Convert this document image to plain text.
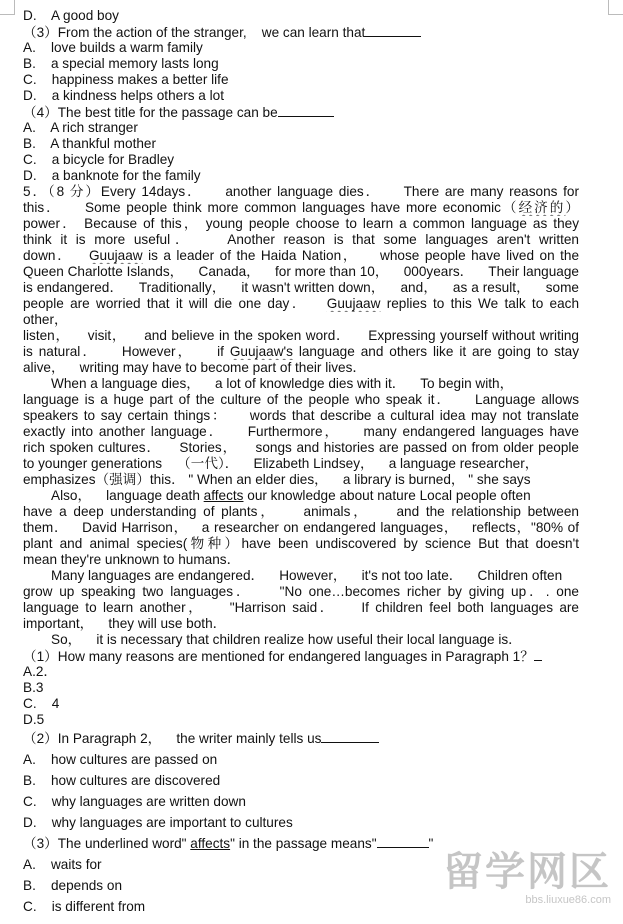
D.    A good boy
（3）From the action of the stranger,    we can learn that
A.    love builds a warm family
B.    a special memory lasts long
C.    happiness makes a better life
D.    a kindness helps others a lot
（4）The best title for the passage can be
A.    A rich stranger
B.    A thankful mother
C.    a bicycle for Bradley
D.    a banknote for the family
5．（8 分）Every 14days．    another language dies．    There are many reasons for
this．    Some people think more common languages have more economic（经济的）
power． Because of this， young people choose to learn a common language as they
think it is more useful．    Another reason is that some languages aren't written
down．   Guujaaw is a leader of the Haida Nation，    whose people have lived on the
Queen Charlotte Islands，    Canada，    for more than 10，    000years．    Their language
is endangered．    Traditionally，    it wasn't written down，    and，    as a result，    some
people are worried that it will die one day．   Guujaaw replies to this We talk to each
other，
listen，    visit，    and believe in the spoken word．    Expressing yourself without writing
is natural．    However，    if Guujaaw's language and others like it are going to stay
alive，    writing may have to become part of their lives．
When a language dies，    a lot of knowledge dies with it．    To begin with，
language is a huge part of the culture of the people who speak it．    Language allows
speakers to say certain things：    words that describe a cultural idea may not translate
exactly into another language．    Furthermore，    many endangered languages have
rich spoken cultures．    Stories，    songs and histories are passed on from older people
to younger generations    （一代）．    Elizabeth Lindsey，    a language researcher，
emphasizes（强调）this． " When an elder dies，    a library is burned， " she says
Also，    language death affects our knowledge about nature Local people often
have a deep understanding of plants，    animals，    and the relationship between
them．   David Harrison，   a researcher on endangered languages，   reflects，"80% of
plant and animal species(物种）have been undiscovered by science But that doesn't
mean they're unknown to humans．
Many languages are endangered．    However，    it's not too late．    Children often
grow up speaking two languages．    "No one…becomes richer by giving up．. one
language to learn another，    "Harrison said．    If children feel both languages are
important，    they will use both．
So，    it is necessary that children realize how useful their local language is．
（1）How many reasons are mentioned for endangered languages in Paragraph 1？
A.2．
B.3
C.    4
D.5
（2）In Paragraph 2，    the writer mainly tells us
A.    how cultures are passed on
B.    how cultures are discovered
C.    why languages are written down
D.    why languages are important to cultures
（3）The underlined word" affects" in the passage means"	"
A.    waits for
B.    depends on
C.    is different from
留学网区
bbs.liuxue86.com
